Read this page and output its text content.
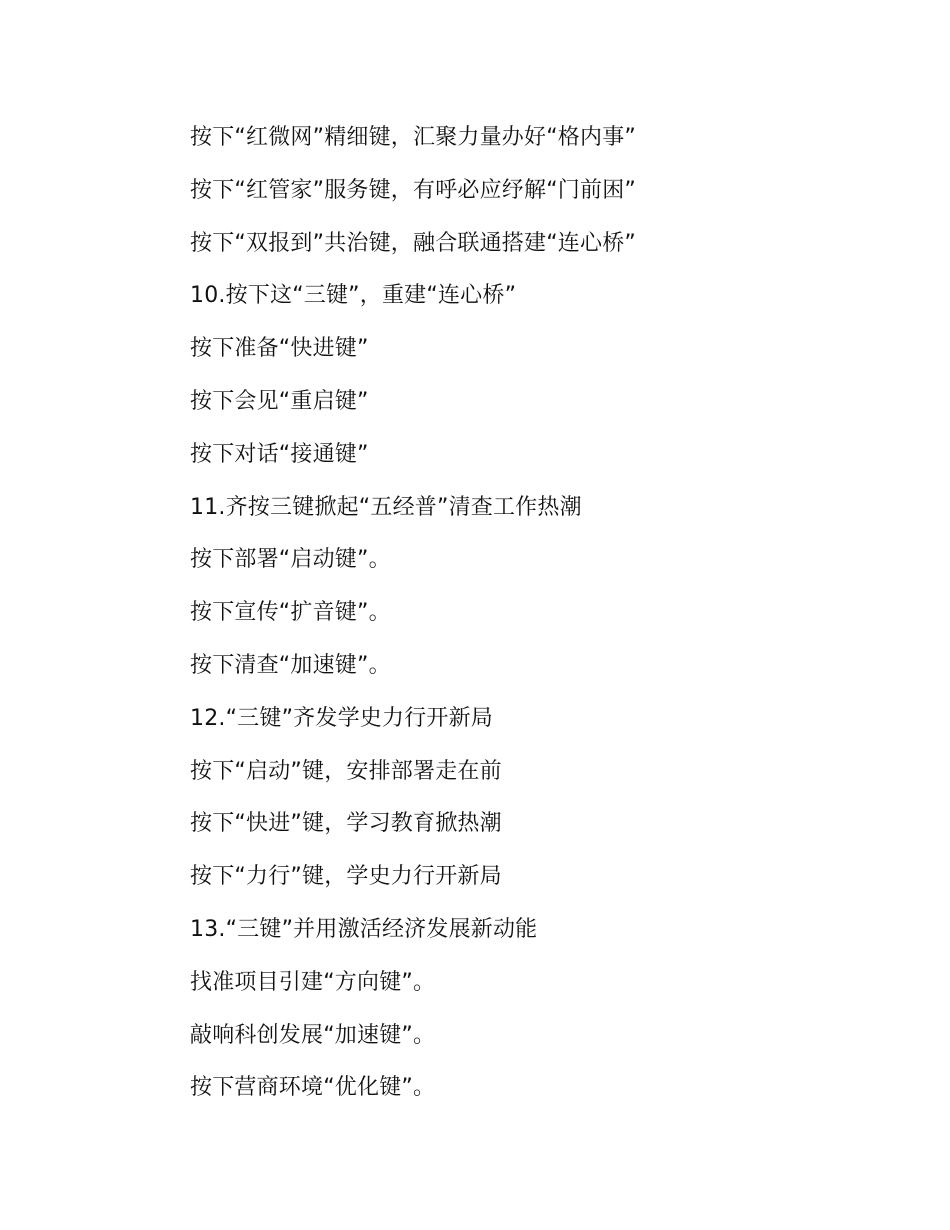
按下“红微网”精细键，汇聚力量办好“格内事”
按下“红管家”服务键，有呼必应纾解“门前困”
按下“双报到”共治键，融合联通搭建“连心桥”
10.按下这“三键”，重建“连心桥”
按下准备“快进键”
按下会见“重启键”
按下对话“接通键”
11.齐按三键掀起“五经普”清查工作热潮
按下部署“启动键”。
按下宣传“扩音键”。
按下清查“加速键”。
12.“三键”齐发学史力行开新局
按下“启动”键，安排部署走在前
按下“快进”键，学习教育掀热潮
按下“力行”键，学史力行开新局
13.“三键”并用激活经济发展新动能
找准项目引建“方向键”。
敲响科创发展“加速键”。
按下营商环境“优化键”。
